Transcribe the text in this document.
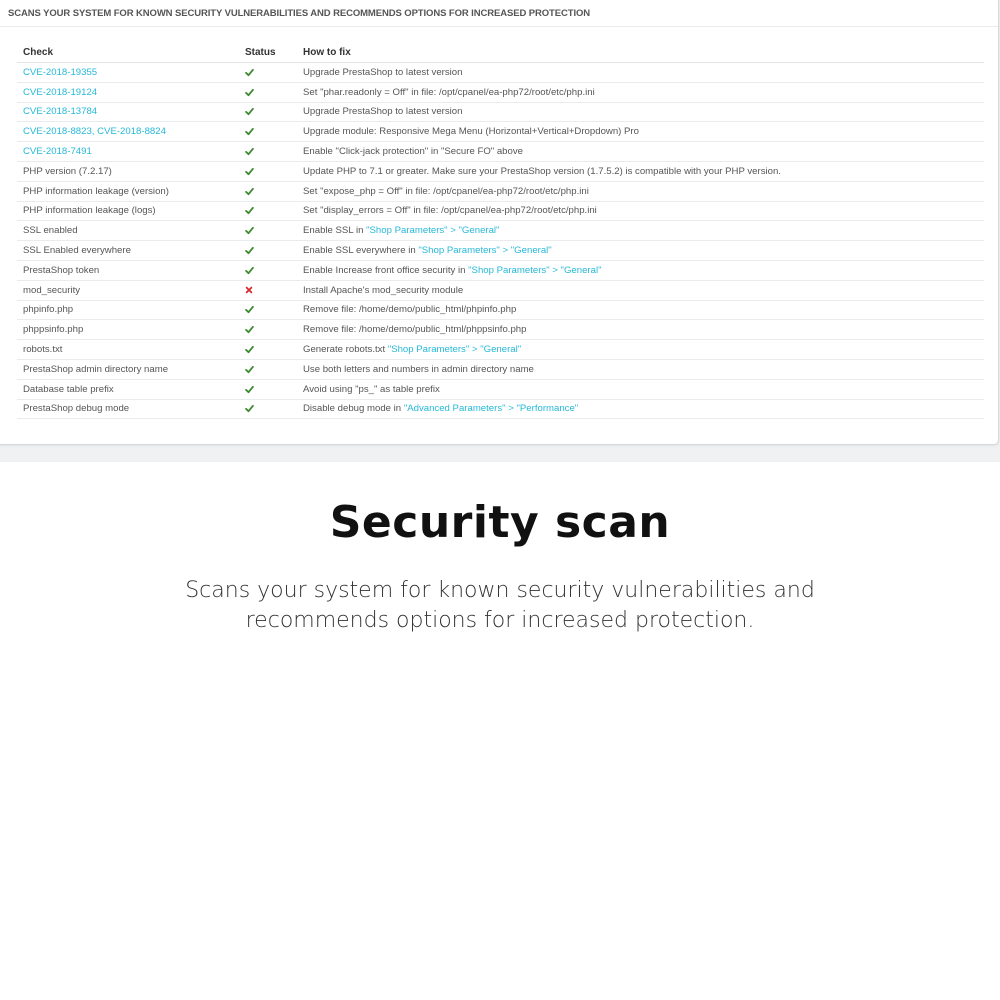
SCANS YOUR SYSTEM FOR KNOWN SECURITY VULNERABILITIES AND RECOMMENDS OPTIONS FOR INCREASED PROTECTION
Check	Status	How to fix
CVE-2018-19355		Upgrade PrestaShop to latest version
CVE-2018-19124		Set "phar.readonly = Off" in file: /opt/cpanel/ea-php72/root/etc/php.ini
CVE-2018-13784		Upgrade PrestaShop to latest version
CVE-2018-8823, CVE-2018-8824		Upgrade module: Responsive Mega Menu (Horizontal+Vertical+Dropdown) Pro
CVE-2018-7491		Enable "Click-jack protection" in "Secure FO" above
PHP version (7.2.17)		Update PHP to 7.1 or greater. Make sure your PrestaShop version (1.7.5.2) is compatible with your PHP version.
PHP information leakage (version)		Set "expose_php = Off" in file: /opt/cpanel/ea-php72/root/etc/php.ini
PHP information leakage (logs)		Set "display_errors = Off" in file: /opt/cpanel/ea-php72/root/etc/php.ini
SSL enabled		Enable SSL in "Shop Parameters" > "General"
SSL Enabled everywhere		Enable SSL everywhere in "Shop Parameters" > "General"
PrestaShop token		Enable Increase front office security in "Shop Parameters" > "General"
mod_security		Install Apache's mod_security module
phpinfo.php		Remove file: /home/demo/public_html/phpinfo.php
phppsinfo.php		Remove file: /home/demo/public_html/phppsinfo.php
robots.txt		Generate robots.txt "Shop Parameters" > "General"
PrestaShop admin directory name		Use both letters and numbers in admin directory name
Database table prefix		Avoid using "ps_" as table prefix
PrestaShop debug mode		Disable debug mode in "Advanced Parameters" > "Performance"
Security scan
Scans your system for known security vulnerabilities and recommends options for increased protection.
